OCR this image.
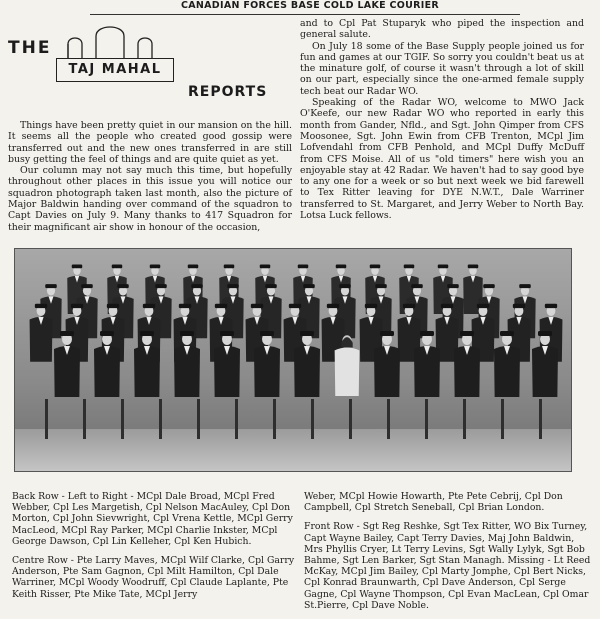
CANADIAN FORCES BASE COLD LAKE COURIER
THE
TAJ MAHAL
REPORTS

Things have been pretty quiet in our mansion on the hill. It seems all the people who created good gossip were transferred out and the new ones transferred in are still busy getting the feel of things and are quite quiet as yet.

Our column may not say much this time, but hopefully throughout other places in this issue you will notice our squadron photograph taken last month, also the picture of Major Baldwin handing over command of the squadron to Capt Davies on July 9. Many thanks to 417 Squadron for their magnificant air show in honour of the occasion,

and to Cpl Pat Stuparyk who piped the inspection and general salute.

On July 18 some of the Base Supply people joined us for fun and games at our TGIF. So sorry you couldn't beat us at the minature golf, of course it wasn't through a lot of skill on our part, especially since the one-armed female supply tech beat our Radar WO.

Speaking of the Radar WO, welcome to MWO Jack O'Keefe, our new Radar WO who reported in early this month from Gander, Nfld., and Sgt. John Qimper from CFS Moosonee, Sgt. John Ewin from CFB Trenton, MCpl Jim Lofvendahl from CFB Penhold, and MCpl Duffy McDuff from CFS Moise. All of us "old timers" here wish you an enjoyable stay at 42 Radar. We haven't had to say good bye to any one for a week or so but next week we bid farewell to Tex Ritter leaving for DYE N.W.T., Dale Warriner transferred to St. Margaret, and Jerry Weber to North Bay. Lotsa Luck fellows.

Back Row - Left to Right - MCpl Dale Broad, MCpl Fred Webber, Cpl Les Margetish, Cpl Nelson MacAuley, Cpl Don Morton, Cpl John Sievwright, Cpl Vrena Kettle, MCpl Gerry MacLeod, MCpl Ray Parker, MCpl Charlie Inkster, MCpl George Dawson, Cpl Lin Kelleher, Cpl Ken Hubich.

Centre Row - Pte Larry Maves, MCpl Wilf Clarke, Cpl Garry Anderson, Pte Sam Gagnon, Cpl Milt Hamilton, Cpl Dale Warriner, MCpl Woody Woodruff, Cpl Claude Laplante, Pte Keith Risser, Pte Mike Tate, MCpl Jerry

Weber, MCpl Howie Howarth, Pte Pete Cebrij, Cpl Don Campbell, Cpl Stretch Seneball, Cpl Brian London.

Front Row - Sgt Reg Reshke, Sgt Tex Ritter, WO Bix Turney, Capt Wayne Bailey, Capt Terry Davies, Maj John Baldwin, Mrs Phyllis Cryer, Lt Terry Levins, Sgt Wally Lylyk, Sgt Bob Bahme, Sgt Len Barker, Sgt Stan Managh. Missing - Lt Reed McKay, MCpl Jim Bailey, Cpl Marty Jomphe, Cpl Bert Nicks, Cpl Konrad Braunwarth, Cpl Dave Anderson, Cpl Serge Gagne, Cpl Wayne Thompson, Cpl Evan MacLean, Cpl Omar St.Pierre, Cpl Dave Noble.
